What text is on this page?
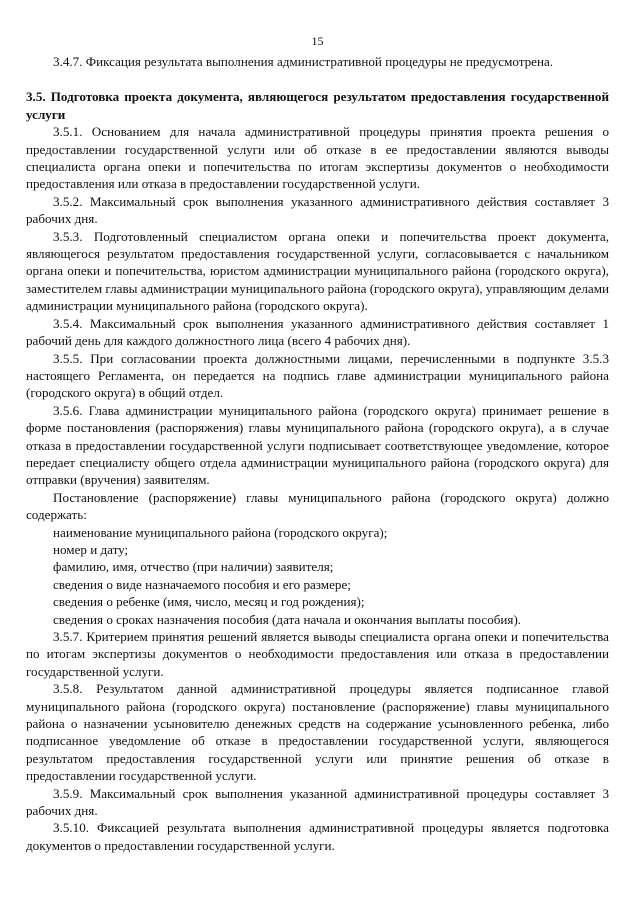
15

3.4.7. Фиксация результата выполнения административной процедуры не предусмотрена.

3.5. Подготовка проекта документа, являющегося результатом предоставления государственной услуги

3.5.1. Основанием для начала административной процедуры принятия проекта решения о предоставлении государственной услуги или об отказе в ее предоставлении являются выводы специалиста органа опеки и попечительства по итогам экспертизы документов о необходимости предоставления или отказа в предоставлении государственной услуги.

3.5.2. Максимальный срок выполнения указанного административного действия составляет 3 рабочих дня.

3.5.3. Подготовленный специалистом органа опеки и попечительства проект документа, являющегося результатом предоставления государственной услуги, согласовывается с начальником органа опеки и попечительства, юристом администрации муниципального района (городского округа), заместителем главы администрации муниципального района (городского округа), управляющим делами администрации муниципального района (городского округа).

3.5.4. Максимальный срок выполнения указанного административного действия составляет 1 рабочий день для каждого должностного лица (всего 4 рабочих дня).

3.5.5. При согласовании проекта должностными лицами, перечисленными в подпункте 3.5.3 настоящего Регламента, он передается на подпись главе администрации муниципального района (городского округа) в общий отдел.

3.5.6. Глава администрации муниципального района (городского округа) принимает решение в форме постановления (распоряжения) главы муниципального района (городского округа), а в случае отказа в предоставлении государственной услуги подписывает соответствующее уведомление, которое передает специалисту общего отдела администрации муниципального района (городского округа) для отправки (вручения) заявителям.

Постановление (распоряжение) главы муниципального района (городского округа) должно содержать:

наименование муниципального района (городского округа);

номер и дату;

фамилию, имя, отчество (при наличии) заявителя;

сведения о виде назначаемого пособия и его размере;

сведения о ребенке (имя, число, месяц и год рождения);

сведения о сроках назначения пособия (дата начала и окончания выплаты пособия).

3.5.7. Критерием принятия решений является выводы специалиста органа опеки и попечительства по итогам экспертизы документов о необходимости предоставления или отказа в предоставлении государственной услуги.

3.5.8. Результатом данной административной процедуры является подписанное главой муниципального района (городского округа) постановление (распоряжение) главы муниципального района о назначении усыновителю денежных средств на содержание усыновленного ребенка, либо подписанное уведомление об отказе в предоставлении государственной услуги, являющегося результатом предоставления государственной услуги или принятие решения об отказе в предоставлении государственной услуги.

3.5.9. Максимальный срок выполнения указанной административной процедуры составляет 3 рабочих дня.

3.5.10. Фиксацией результата выполнения административной процедуры является подготовка документов о предоставлении государственной услуги.
